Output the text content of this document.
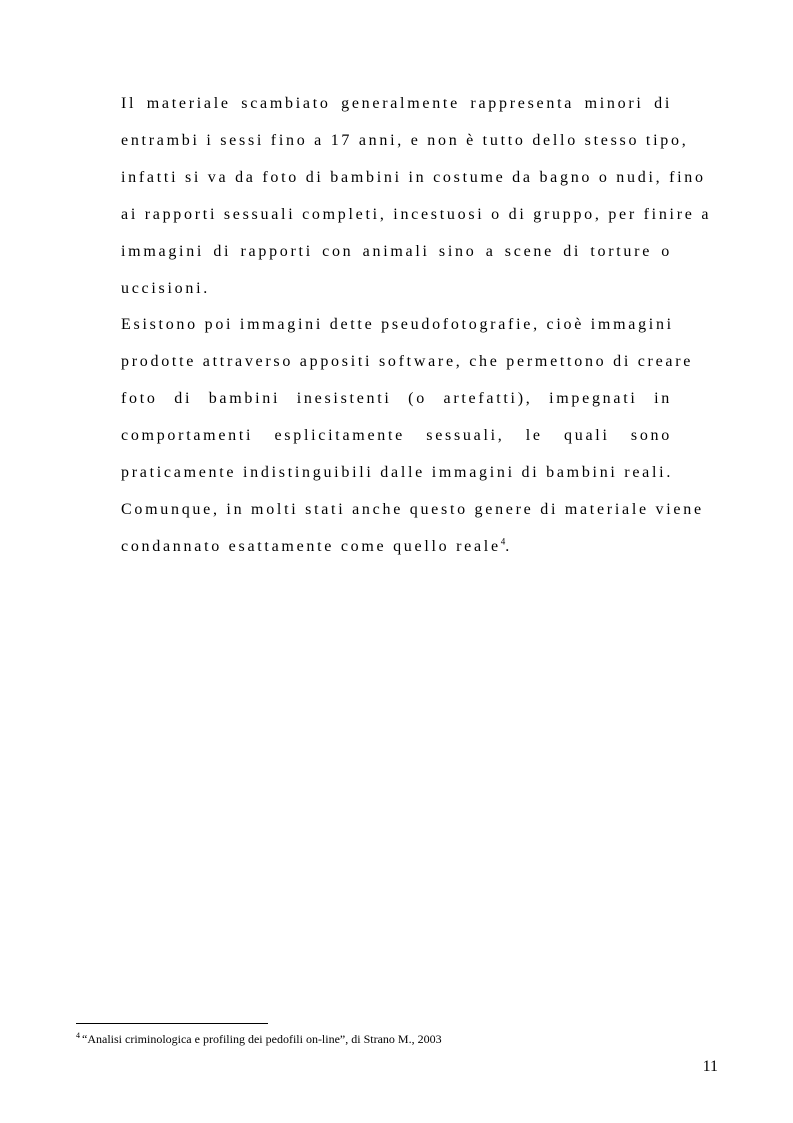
Il materiale scambiato generalmente rappresenta minori di
entrambi i sessi fino a 17 anni, e non è tutto dello stesso tipo,
infatti si va da foto di bambini in costume da bagno o nudi, fino
ai rapporti sessuali completi, incestuosi o di gruppo, per finire a
immagini di rapporti con animali sino a scene di torture o
uccisioni.
Esistono poi immagini dette pseudofotografie, cioè immagini
prodotte attraverso appositi software, che permettono di creare
foto di bambini inesistenti (o artefatti), impegnati in
comportamenti esplicitamente sessuali, le quali sono
praticamente indistinguibili dalle immagini di bambini reali.
Comunque, in molti stati anche questo genere di materiale viene
condannato esattamente come quello reale$^4$.
$^4$ “Analisi criminologica e profiling dei pedofili on-line”, di Strano M., 2003
11
